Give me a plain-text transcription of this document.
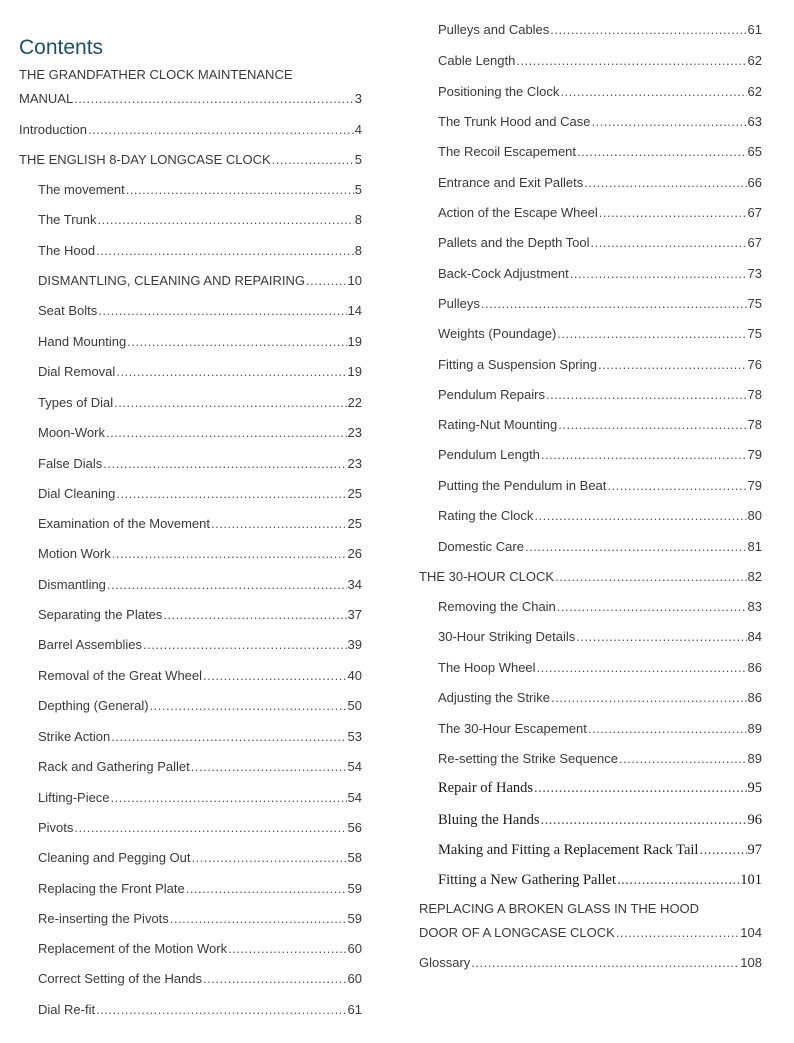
Contents
THE GRANDFATHER CLOCK MAINTENANCE
MANUAL .....	3
Introduction .....	4
THE ENGLISH 8-DAY LONGCASE CLOCK .....	5
The movement .....	5
The Trunk .....	8
The Hood .....	8
DISMANTLING, CLEANING AND REPAIRING .....	10
Seat Bolts .....	14
Hand Mounting .....	19
Dial Removal .....	19
Types of Dial .....	22
Moon-Work .....	23
False Dials .....	23
Dial Cleaning .....	25
Examination of the Movement .....	25
Motion Work .....	26
Dismantling .....	34
Separating the Plates .....	37
Barrel Assemblies .....	39
Removal of the Great Wheel .....	40
Depthing (General) .....	50
Strike Action .....	53
Rack and Gathering Pallet .....	54
Lifting-Piece .....	54
Pivots .....	56
Cleaning and Pegging Out .....	58
Replacing the Front Plate .....	59
Re-inserting the Pivots .....	59
Replacement of the Motion Work .....	60
Correct Setting of the Hands .....	60
Dial Re-fit .....	61
Pulleys and Cables .....	61
Cable Length .....	62
Positioning the Clock .....	62
The Trunk Hood and Case .....	63
The Recoil Escapement .....	65
Entrance and Exit Pallets .....	66
Action of the Escape Wheel .....	67
Pallets and the Depth Tool .....	67
Back-Cock Adjustment .....	73
Pulleys .....	75
Weights (Poundage) .....	75
Fitting a Suspension Spring .....	76
Pendulum Repairs .....	78
Rating-Nut Mounting .....	78
Pendulum Length .....	79
Putting the Pendulum in Beat .....	79
Rating the Clock .....	80
Domestic Care .....	81
THE 30-HOUR CLOCK .....	82
Removing the Chain .....	83
30-Hour Striking Details .....	84
The Hoop Wheel .....	86
Adjusting the Strike .....	86
The 30-Hour Escapement .....	89
Re-setting the Strike Sequence .....	89
Repair of Hands .....	95
Bluing the Hands .....	96
Making and Fitting a Replacement Rack Tail .....	97
Fitting a New Gathering Pallet .....	101
REPLACING A BROKEN GLASS IN THE HOOD
DOOR OF A LONGCASE CLOCK .....	104
Glossary .....	108
